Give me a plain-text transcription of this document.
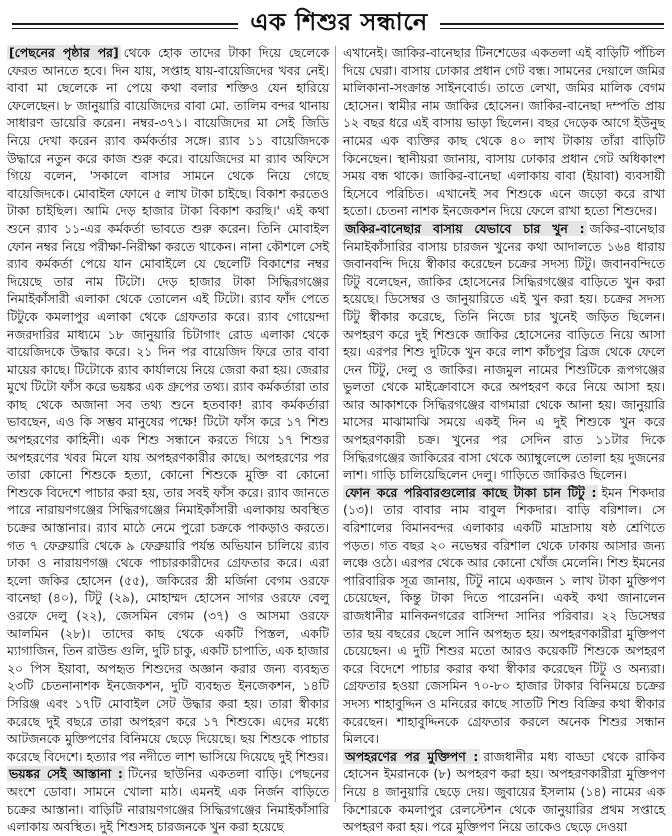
এক শিশুর সন্ধানে

[পেছনের পৃষ্ঠার পর] থেকে হোক তাদের টাকা দিয়ে ছেলেকে ফেরত আনতে হবে। দিন যায়, সপ্তাহ যায়-বায়েজিদের খবর নেই। বাবা মা ছেলেকে না পেয়ে কথা বলার শক্তিও যেন হারিয়ে ফেলেছেন। ৮ জানুয়ারি বায়েজিদের বাবা মো. তালিম বন্দর থানায় সাধারণ ডায়েরি করেন। নম্বর-৩৭১। বায়েজিদের মা সেই জিডি নিয়ে দেখা করেন র‌্যাব কর্মকর্তার সঙ্গে। র‌্যাব ১১ বায়েজিদকে উদ্ধারে নতুন করে কাজ শুরু করে। বায়েজিদের মা র‌্যাব অফিসে গিয়ে বলেন, 'সকালে বাসার সামনে থেকে নিয়ে গেছে বায়েজিদকে। মোবাইল ফোনে ৫ লাখ টাকা চাইছে। বিকাশ করতেও টাকা চাইছিল। আমি দেড় হাজার টাকা বিকাশ করছি।' এই কথা শুনে র‌্যাব ১১-এর কর্মকর্তা ভাবতে শুরু করেন। তিনি মোবাইল ফোন নম্বর নিয়ে পরীক্ষা-নিরীক্ষা করতে থাকেন। নানা কৌশলে সেই র‌্যাব কর্মকর্তা পেয়ে যান মোবাইলে যে ছেলেটি বিকাশের নম্বর দিয়েছে তার নাম টিটো। দেড় হাজার টাকা সিদ্ধিরগঞ্জের নিমাইকাঁসারী এলাকা থেকে তোলেন এই টিটো। র‌্যাব ফাঁদ পেতে টিটুকে কমলাপুর এলাকা থেকে গ্রেফতার করে। র‌্যাব গোয়েন্দা নজরদারির মাধ্যমে ১৮ জানুয়ারি চিটাগাং রোড এলাকা থেকে বায়েজিদকে উদ্ধার করে। ২১ দিন পর বায়েজিদ ফিরে তার বাবা মায়ের কাছে। টিটোকে র‌্যাব কার্যালয়ে নিয়ে জেরা করা হয়। জেরার মুখে টিটো ফাঁস করে ভয়ঙ্কর এক গ্রুপের তথ্য। র‌্যাব কর্মকর্তারা তার কাছ থেকে অজানা সব তথ্য শুনে হতবাক! র‌্যাব কর্মকর্তারা ভাবছেন, এও কি সম্ভব মানুষের পক্ষে! টিটো ফাঁস করে ১৭ শিশু অপহরণের কাহিনী। এক শিশু সন্ধানে করতে গিয়ে ১৭ শিশুর অপহরণের খবর মিলে যায় অপহরণকারীর কাছে। অপহরণের পর তারা কোনো শিশুকে হত্যা, কোনো শিশুকে মুক্তি বা কোনো শিশুকে বিদেশে পাচার করা হয়, তার সবই ফাঁস করে। র‌্যাব জানতে পারে নারায়ণগঞ্জের সিদ্ধিরগঞ্জের নিমাইকাঁসারী এলাকায় অবস্থিত চক্রের আস্তানার। র‌্যাব মাঠে নেমে পুরো চক্রকে পাকড়াও করতে। গত ৭ ফেব্রুয়ারি থেকে ৯ ফেব্রুয়ারি পর্যন্ত অভিযান চালিয়ে র‌্যাব ঢাকা ও নারায়ণগঞ্জ থেকে পাচারকারীদের গ্রেফতার করে। এরা হলো জকির হোসেন (৫৫), জকিরের স্ত্রী মর্জিনা বেগম ওরফে বানেছা (৪০), টিটু (২৯), মোহাম্মদ হোসেন সাগর ওরফে বেলু ওরফে দেলু (২২), জেসমিন বেগম (৩৭) ও আসমা ওরফে আলমিন (২৮)। তাদের কাছ থেকে একটি পিস্তল, একটি ম্যাগাজিন, তিন রাউন্ড গুলি, দুটি চাকু, একটি চাপাতি, এক হাজার ২০ পিস ইয়াবা, অপহৃত শিশুদের অজ্ঞান করার জন্য ব্যবহৃত ২৩টি চেতনানাশক ইনজেকশন, দুটি ব্যবহৃত ইনজেকশন, ১৪টি সিরিঞ্জ এবং ১৭টি মোবাইল সেট উদ্ধার করা হয়। তারা স্বীকার করেছে দুই বছরে তারা অপহরণ করে ১৭ শিশুকে। এদের মধ্যে আটজনকে মুক্তিপণের বিনিময়ে ছেড়ে দিয়েছে। ছয় শিশুকে পাচার করেছে বিদেশে। হত্যার পর নদীতে লাশ ভাসিয়ে দিয়েছে দুই শিশুর।

ভয়ঙ্কর সেই আস্তানা : টিনের ছাউনির একতলা বাড়ি। পেছনের অংশে ডোবা। সামনে খোলা মাঠ। এমনই এক নির্জন বাড়িতে চক্রের আস্তানা। বাড়িটি নারায়ণগঞ্জের সিদ্ধিরগঞ্জের নিমাইকাঁসারি এলাকায় অবস্থিত। দুই শিশুসহ চারজনকে খুন করা হয়েছে

এখানেই। জাকির-বানেছার টিনশেডের একতলা এই বাড়িটি পাঁচিল দিয়ে ঘেরা। বাসায় ঢোকার প্রধান গেট বন্ধ। সামনের দেয়ালে জমির মালিকানা-সংক্রান্ত সাইনবোর্ড। তাতে লেখা, জমির মালিক বেগম হোসেন। স্বামীর নাম জাকির হোসেন। জাকির-বানেছা দম্পতি প্রায় ১২ বছর ধরে এই বাসায় ভাড়া ছিলেন। বছর দেড়েক আগে ইউনুছ নামের এক ব্যক্তির কাছ থেকে ৪০ লাখ টাকায় তাঁরা বাড়িটি কিনেছেন। স্থানীয়রা জানায়, বাসায় ঢোকার প্রধান গেট অধিকাংশ সময় বন্ধ থাকে। জাকির-বানেছা এলাকায় বাবা (ইয়াবা) ব্যবসায়ী হিসেবে পরিচিত। এখানেই সব শিশুকে এনে জড়ো করে রাখা হতো। চেতনা নাশক ইনজেকশন দিয়ে ফেলে রাখা হতো শিশুদের।

জকির-বানেছার বাসায় যেভাবে চার খুন : জকির-বানেছার নিমাইকাঁসারির বাসায় চারজন খুনের কথা আদালতে ১৬৪ ধারায় জবানবন্দি দিয়ে স্বীকার করেছেন চক্রের সদস্য টিটু। জবানবন্দিতে টিটু বলেছেন, জাকির হোসেনের সিদ্ধিরগঞ্জের বাড়িতে খুন করা হয়েছে। ডিসেম্বর ও জানুয়ারিতে এই খুন করা হয়। চক্রের সদস্য টিটু স্বীকার করেছে, তিনি নিজে চার খুনেই জড়িত ছিলেন। অপহরণ করে দুই শিশুকে জাকির হোসেনের বাড়িতে নিয়ে আসা হয়। এরপর শিশু দুটিকে খুন করে লাশ কাঁচপুর ব্রিজ থেকে ফেলে দেন টিটু, দেলু ও জাকির। নাজমুল নামের শিশুটিকে রূপগঞ্জের ভুলতা থেকে মাইক্রোবাসে করে অপহরণ করে নিয়ে আসা হয়। আর আকাশকে সিদ্ধিরগঞ্জের বাগমারা থেকে আনা হয়। জানুয়ারি মাসের মাঝামাঝি সময়ে একই দিন এ দুই শিশুকে খুন করে অপহরণকারী চক্র। খুনের পর সেদিন রাত ১১টার দিকে সিদ্ধিরগঞ্জের জাকিরের বাসা থেকে অ্যাম্বুলেন্সে তোলা হয় দুজনের লাশ। গাড়ি চালিয়েছিলেন দেলু। গাড়িতে জাকিরও ছিলেন।

ফোন করে পরিবারগুলোর কাছে টাকা চান টিটু : ইমন শিকদার (১৩)। তার বাবার নাম বাবুল শিকদার। বাড়ি বরিশাল। সে বরিশালের বিমানবন্দর এলাকার একটি মাদ্রাসায় ষষ্ঠ শ্রেণিতে পড়ত। গত বছর ২০ নভেম্বর বরিশাল থেকে ঢাকায় আসার জন্য লঞ্চে ওঠে। এরপর থেকে আর কোনো খোঁজ মেলেনি। শিশু ইমনের পারিবারিক সূত্র জানায়, টিটু নামে একজন ১ লাখ টাকা মুক্তিপণ চেয়েছেন, কিন্তু টাকা দিতে পারেননি। একই কথা জানালেন রাজধানীর মানিকনগরের বাসিন্দা সানির পরিবার। ২২ ডিসেম্বর তার ছয় বছরের ছেলে সানি অপহৃত হয়। অপহরণকারীরা মুক্তিপণ চেয়েছেন। এ দুটি শিশুর মতো আরও কয়েকটি শিশুকে অপহরণ করে বিদেশে পাচার করার কথা স্বীকার করেছেন টিটু ও অন্যরা। গ্রেফতার হওয়া জেসমিন ৭০-৮০ হাজার টাকার বিনিময়ে চক্রের সদস্য শাহাবুদ্দিন ও মনিরের কাছে সাতটি শিশু বিক্রির কথা স্বীকার করেছেন। শাহাবুদ্দিনকে গ্রেফতার করলে অনেক শিশুর সন্ধান মিলবে।

অপহরণের পর মুক্তিপণ : রাজধানীর মধ্য বাড্ডা থেকে রাকিব হোসেন ইমরানকে (৮) অপহরণ করা হয়। অপহরণকারীরা মুক্তিপণ নিয়ে ৪ জানুয়ারি ছেড়ে দেয়। জুবায়ের ইসলাম (১৪) নামের এক কিশোরকে কমলাপুর রেলস্টেশন থেকে জানুয়ারির প্রথম সপ্তাহে অপহরণ করা হয়। পরে মুক্তিপণ নিয়ে তাকেও ছেড়ে দেওয়া
